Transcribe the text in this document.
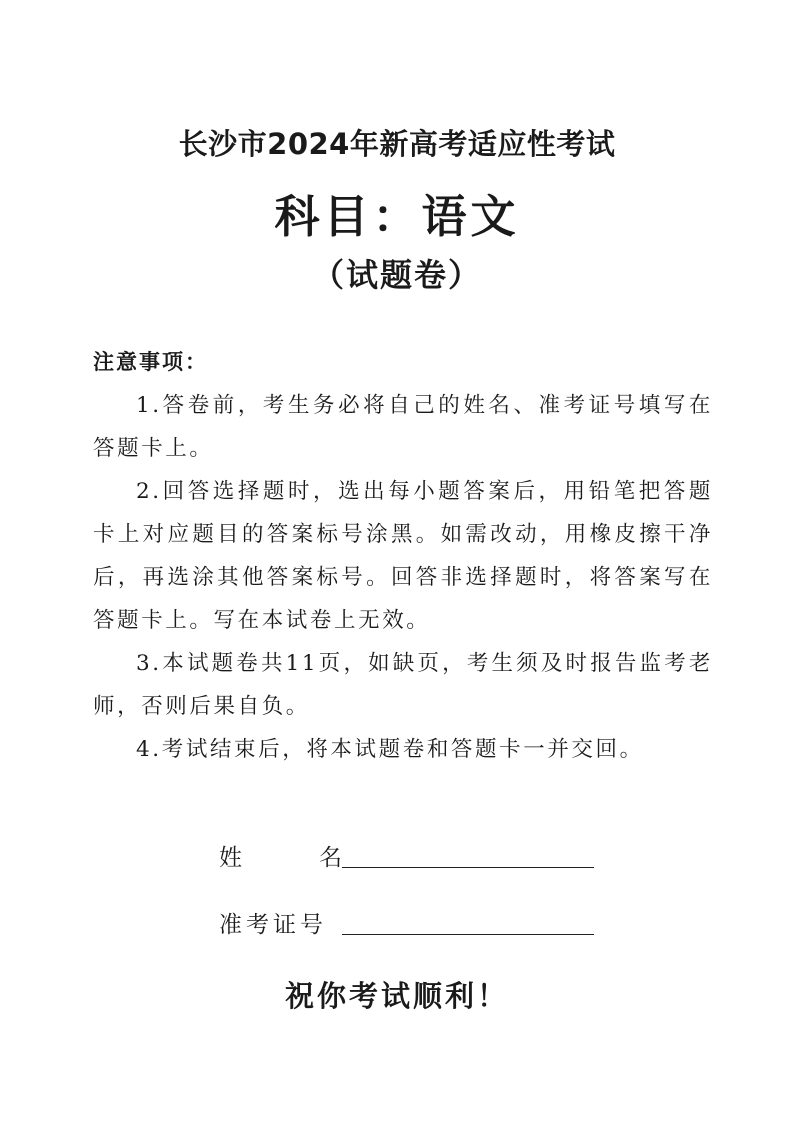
长沙市2024年新高考适应性考试
科目：语文
（试题卷）
注意事项：
1.答卷前，考生务必将自己的姓名、准考证号填写在答题卡上。
2.回答选择题时，选出每小题答案后，用铅笔把答题卡上对应题目的答案标号涂黑。如需改动，用橡皮擦干净后，再选涂其他答案标号。回答非选择题时，将答案写在答题卡上。写在本试卷上无效。
3.本试题卷共11页，如缺页，考生须及时报告监考老师，否则后果自负。
4.考试结束后，将本试题卷和答题卡一并交回。
姓	名
准考证号
祝你考试顺利！
